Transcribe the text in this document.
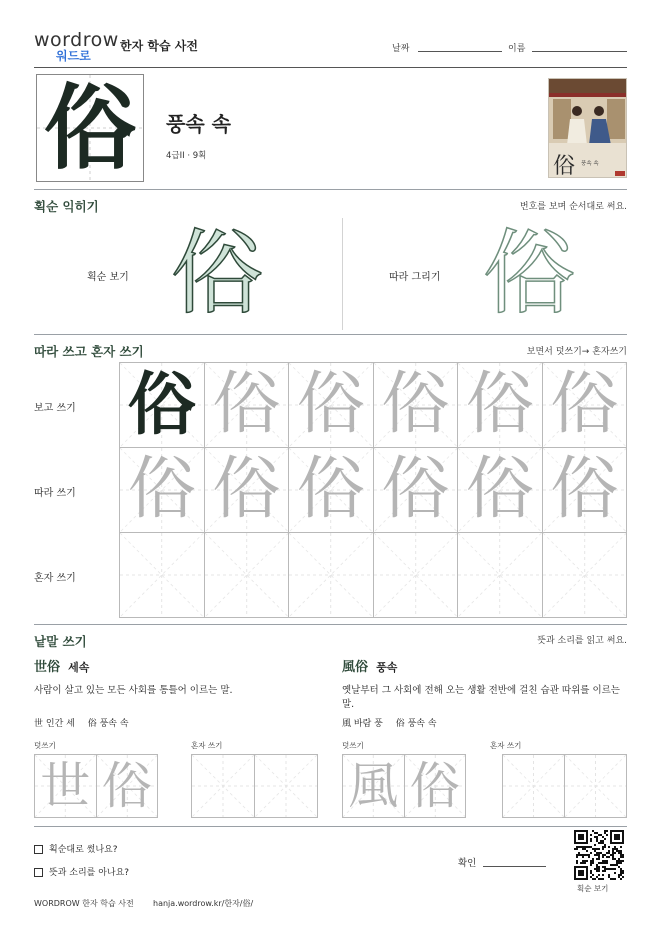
wordrow
워드로
한자 학습 사전	날짜	이름
俗	풍속 속
4급II · 9획	俗 풍속 속
획순 익히기	번호를 보며 순서대로 써요.
획순 보기 俗	따라 그리기 俗
따라 쓰고 혼자 쓰기	보면서 덧쓰기→ 혼자쓰기
보고 쓰기
따라 쓰기
혼자 쓰기
俗 俗 俗 俗 俗 俗
俗 俗 俗 俗 俗 俗
낱말 쓰기	뜻과 소리를 읽고 써요.
世俗 세속
사람이 살고 있는 모든 사회를 통틀어 이르는 말.
世 인간 세 俗 풍속 속
덧쓰기	혼자 쓰기
風俗 풍속
옛날부터 그 사회에 전해 오는 생활 전반에 걸친 습관 따위를 이르는 말.
風 바람 풍 俗 풍속 속
덧쓰기	혼자 쓰기
世 俗	風 俗
획순대로 썼나요?
뜻과 소리를 아나요?
확인
획순 보기
WORDROW 한자 학습 사전 hanja.wordrow.kr/한자/俗/
